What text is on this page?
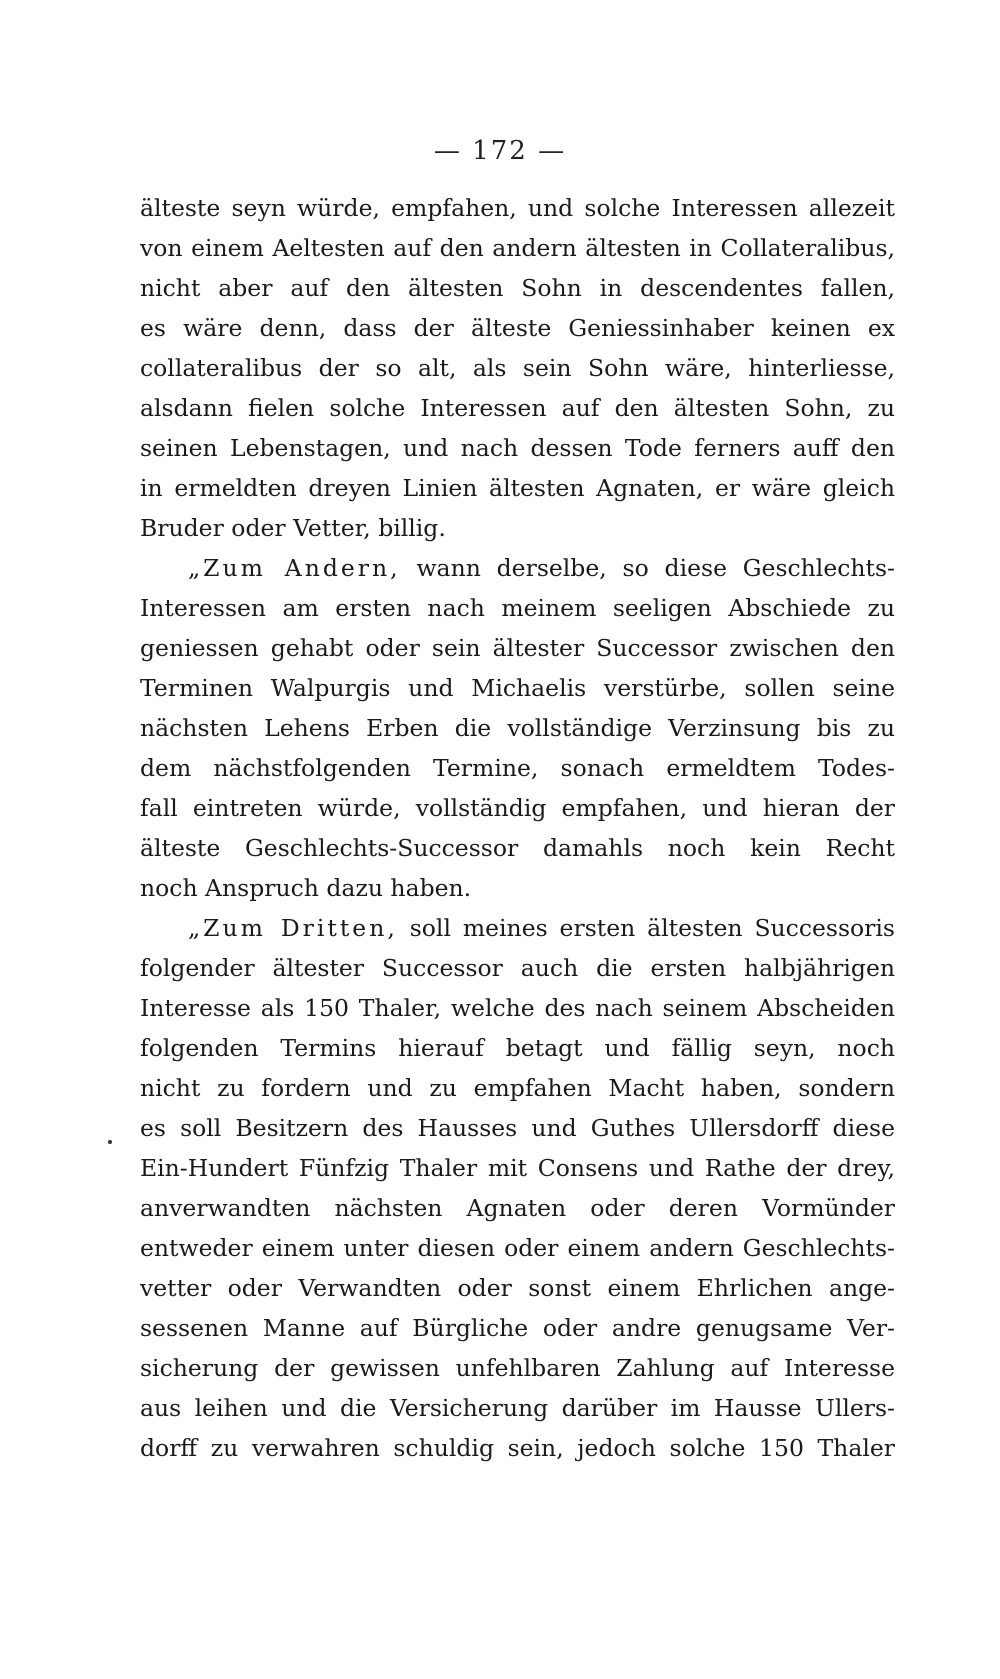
— 172 —
älteste seyn würde, empfahen, und solche Interessen allezeit
von einem Aeltesten auf den andern ältesten in Collateralibus,
nicht aber auf den ältesten Sohn in descendentes fallen,
es wäre denn, dass der älteste Geniessinhaber keinen ex
collateralibus der so alt, als sein Sohn wäre, hinterliesse,
alsdann fielen solche Interessen auf den ältesten Sohn, zu
seinen Lebenstagen, und nach dessen Tode ferners auff den
in ermeldten dreyen Linien ältesten Agnaten, er wäre gleich
Bruder oder Vetter, billig.
„Zum Andern, wann derselbe, so diese Geschlechts-
Interessen am ersten nach meinem seeligen Abschiede zu
geniessen gehabt oder sein ältester Successor zwischen den
Terminen Walpurgis und Michaelis verstürbe, sollen seine
nächsten Lehens Erben die vollständige Verzinsung bis zu
dem nächstfolgenden Termine, sonach ermeldtem Todes-
fall eintreten würde, vollständig empfahen, und hieran der
älteste Geschlechts-Successor damahls noch kein Recht
noch Anspruch dazu haben.
„Zum Dritten, soll meines ersten ältesten Successoris
folgender ältester Successor auch die ersten halbjährigen
Interesse als 150 Thaler, welche des nach seinem Abscheiden
folgenden Termins hierauf betagt und fällig seyn, noch
nicht zu fordern und zu empfahen Macht haben, sondern
es soll Besitzern des Hausses und Guthes Ullersdorff diese
Ein-Hundert Fünfzig Thaler mit Consens und Rathe der drey,
anverwandten nächsten Agnaten oder deren Vormünder
entweder einem unter diesen oder einem andern Geschlechts-
vetter oder Verwandten oder sonst einem Ehrlichen ange-
sessenen Manne auf Bürgliche oder andre genugsame Ver-
sicherung der gewissen unfehlbaren Zahlung auf Interesse
aus leihen und die Versicherung darüber im Hausse Ullers-
dorff zu verwahren schuldig sein, jedoch solche 150 Thaler
